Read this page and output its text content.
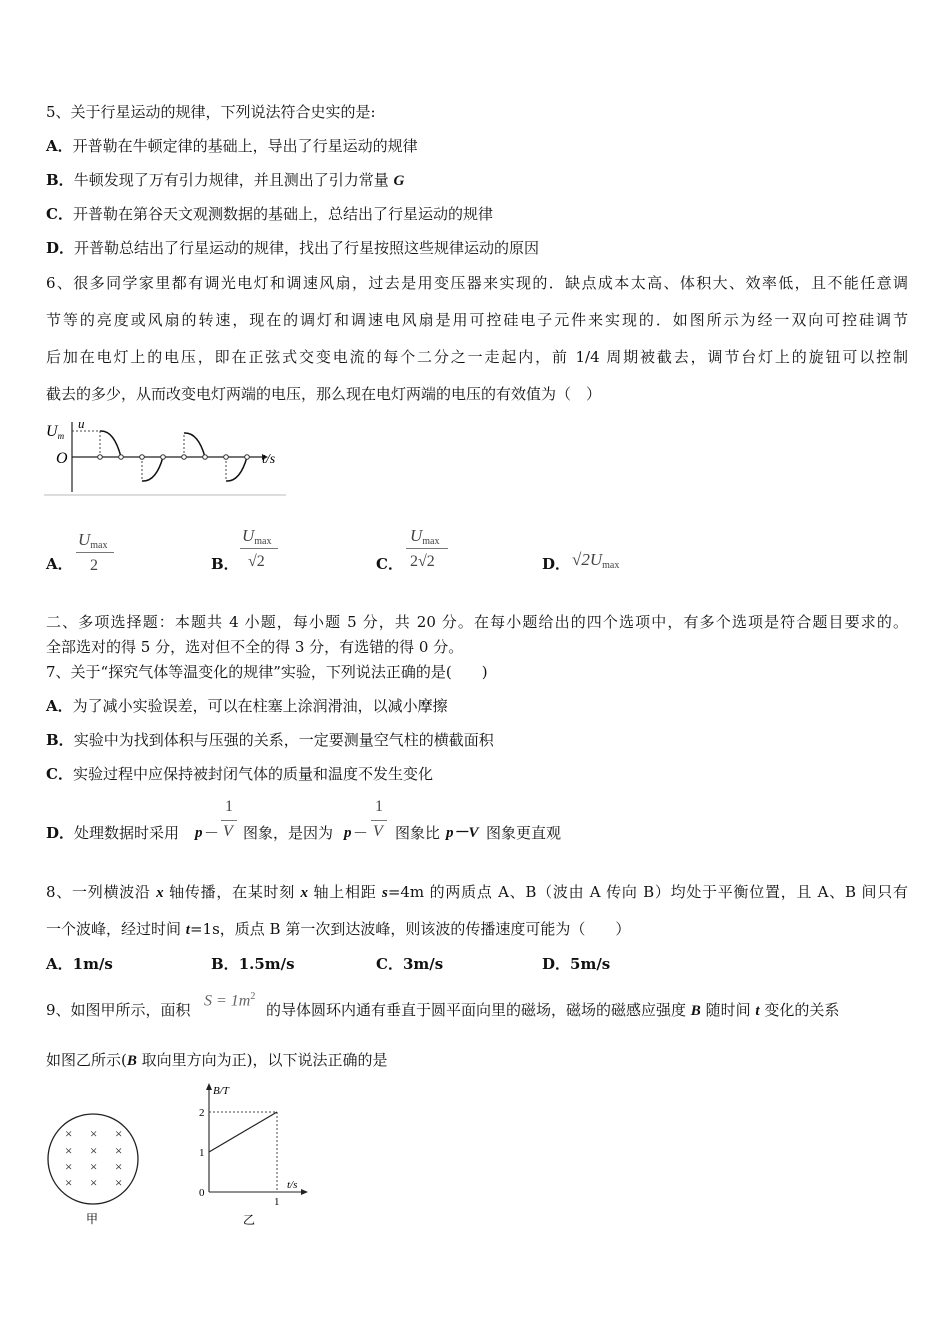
5、关于行星运动的规律，下列说法符合史实的是:
A．开普勒在牛顿定律的基础上，导出了行星运动的规律
B．牛顿发现了万有引力规律，并且测出了引力常量 G
C．开普勒在第谷天文观测数据的基础上，总结出了行星运动的规律
D．开普勒总结出了行星运动的规律，找出了行星按照这些规律运动的原因
6、很多同学家里都有调光电灯和调速风扇，过去是用变压器来实现的．缺点成本太高、体积大、效率低，且不能任意调
节等的亮度或风扇的转速，现在的调灯和调速电风扇是用可控硅电子元件来实现的．如图所示为经一双向可控硅调节
后加在电灯上的电压，即在正弦式交变电流的每个二分之一走起内，前 1/4 周期被截去，调节台灯上的旋钮可以控制
截去的多少，从而改变电灯两端的电压，那么现在电灯两端的电压的有效值为（　）
Um
u
O	t/s
A．
$U_{max}$
2	B．
$U_{max}$
√2	C．
$U_{max}$
2√2	D． $√2U_{max}$
二、多项选择题：本题共 4 小题，每小题 5 分，共 20 分。在每小题给出的四个选项中，有多个选项是符合题目要求的。
全部选对的得 5 分，选对但不全的得 3 分，有选错的得 0 分。
7、关于“探究气体等温变化的规律”实验，下列说法正确的是(　　)
A．为了减小实验误差，可以在柱塞上涂润滑油，以减小摩擦
B．实验中为找到体积与压强的关系，一定要测量空气柱的横截面积
C．实验过程中应保持被封闭气体的质量和温度不发生变化
D．处理数据时采用 p －
1
V 图象，是因为 p －
1
V 图象比 p－V 图象更直观
8、一列横波沿 x 轴传播，在某时刻 x 轴上相距 s=4m 的两质点 A、B（波由 A 传向 B）均处于平衡位置，且 A、B 间只有
一个波峰，经过时间 t=1s，质点 B 第一次到达波峰，则该波的传播速度可能为（　　）
A．1m/s	B．1.5m/s	C．3m/s	D．5m/s
9、如图甲所示，面积
$S = 1m^2$
的导体圆环内通有垂直于圆平面向里的磁场，磁场的磁感应强度 B 随时间 t 变化的关系
如图乙所示(B 取向里方向为正)，以下说法正确的是
× × ×
× × ×
× × ×
× × ×
甲
B/T
t/s
0
1
2
1
乙
